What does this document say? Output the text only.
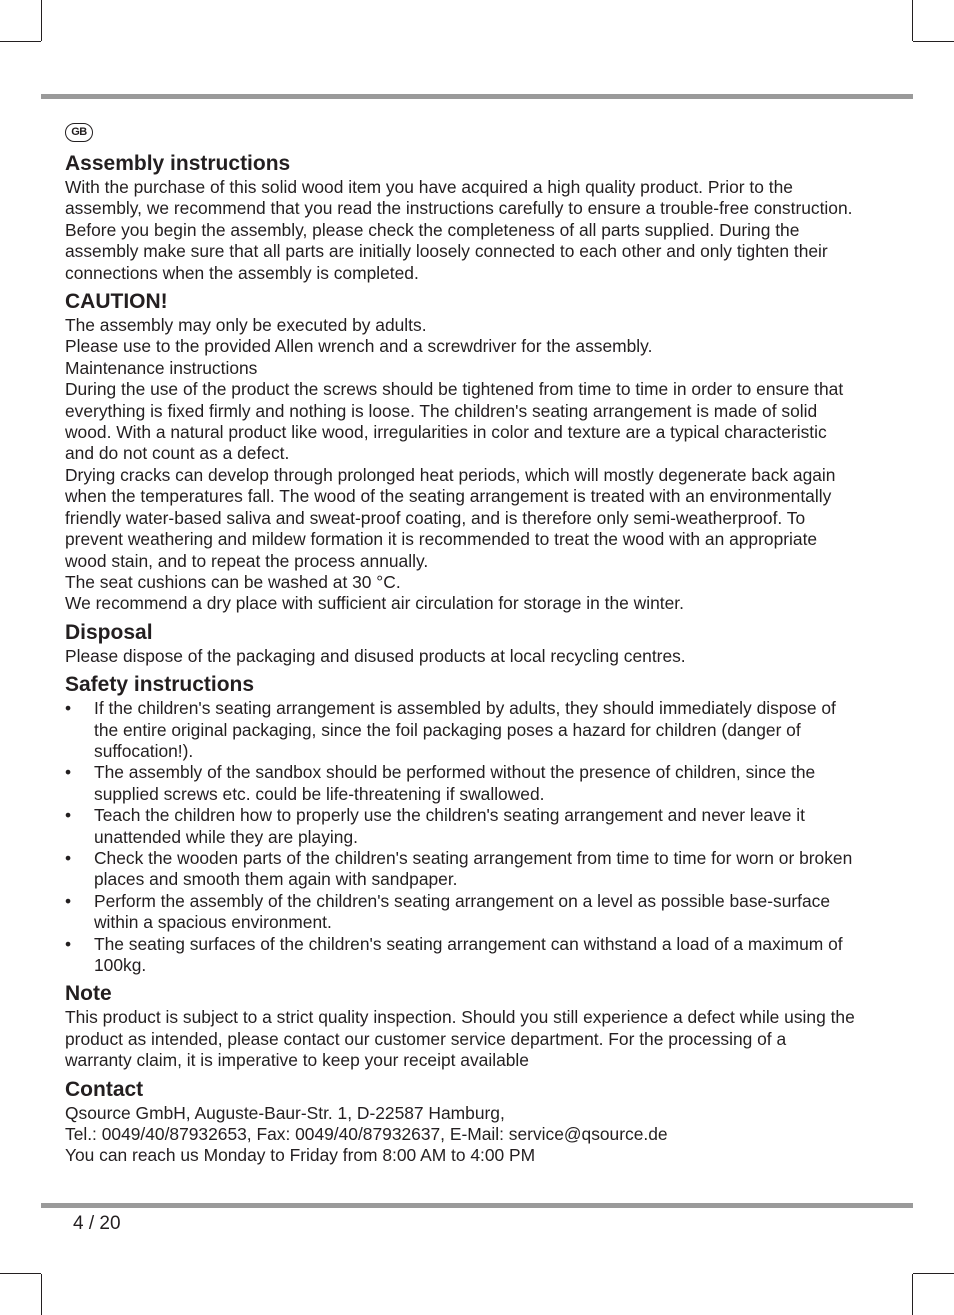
GB
Assembly instructions

With the purchase of this solid wood item you have acquired a high quality product. Prior to the assembly, we recommend that you read the instructions carefully to ensure a trouble-free construction.

Before you begin the assembly, please check the completeness of all parts supplied. During the assembly make sure that all parts are initially loosely connected to each other and only tighten their connections when the assembly is completed.

CAUTION!

The assembly may only be executed by adults.

Please use to the provided Allen wrench and a screwdriver for the assembly.

Maintenance instructions

During the use of the product the screws should be tightened from time to time in order to ensure that everything is fixed firmly and nothing is loose. The children's seating arrangement is made of solid wood. With a natural product like wood, irregularities in color and texture are a typical characteristic and do not count as a defect.

Drying cracks can develop through prolonged heat periods, which will mostly degenerate back again when the temperatures fall. The wood of the seating arrangement is treated with an environmentally friendly water-based saliva and sweat-proof coating, and is therefore only semi-weatherproof. To prevent weathering and mildew formation it is recommended to treat the wood with an appropriate wood stain, and to repeat the process annually.

The seat cushions can be washed at 30 °C.

We recommend a dry place with sufficient air circulation for storage in the winter.

Disposal

Please dispose of the packaging and disused products at local recycling centres.

Safety instructions
• If the children's seating arrangement is assembled by adults, they should immediately dispose of the entire original packaging, since the foil packaging poses a hazard for children (danger of suffocation!).
• The assembly of the sandbox should be performed without the presence of children, since the supplied screws etc. could be life-threatening if swallowed.
• Teach the children how to properly use the children's seating arrangement and never leave it unattended while they are playing.
• Check the wooden parts of the children's seating arrangement from time to time for worn or broken places and smooth them again with sandpaper.
• Perform the assembly of the children's seating arrangement on a level as possible base-surface within a spacious environment.
• The seating surfaces of the children's seating arrangement can withstand a load of a maximum of 100kg.
Note

This product is subject to a strict quality inspection. Should you still experience a defect while using the product as intended, please contact our customer service department. For the processing of a warranty claim, it is imperative to keep your receipt available

Contact

Qsource GmbH, Auguste-Baur-Str. 1, D-22587 Hamburg,

Tel.: 0049/40/87932653, Fax: 0049/40/87932637, E-Mail: service@qsource.de

You can reach us Monday to Friday from 8:00 AM to 4:00 PM

4 / 20
